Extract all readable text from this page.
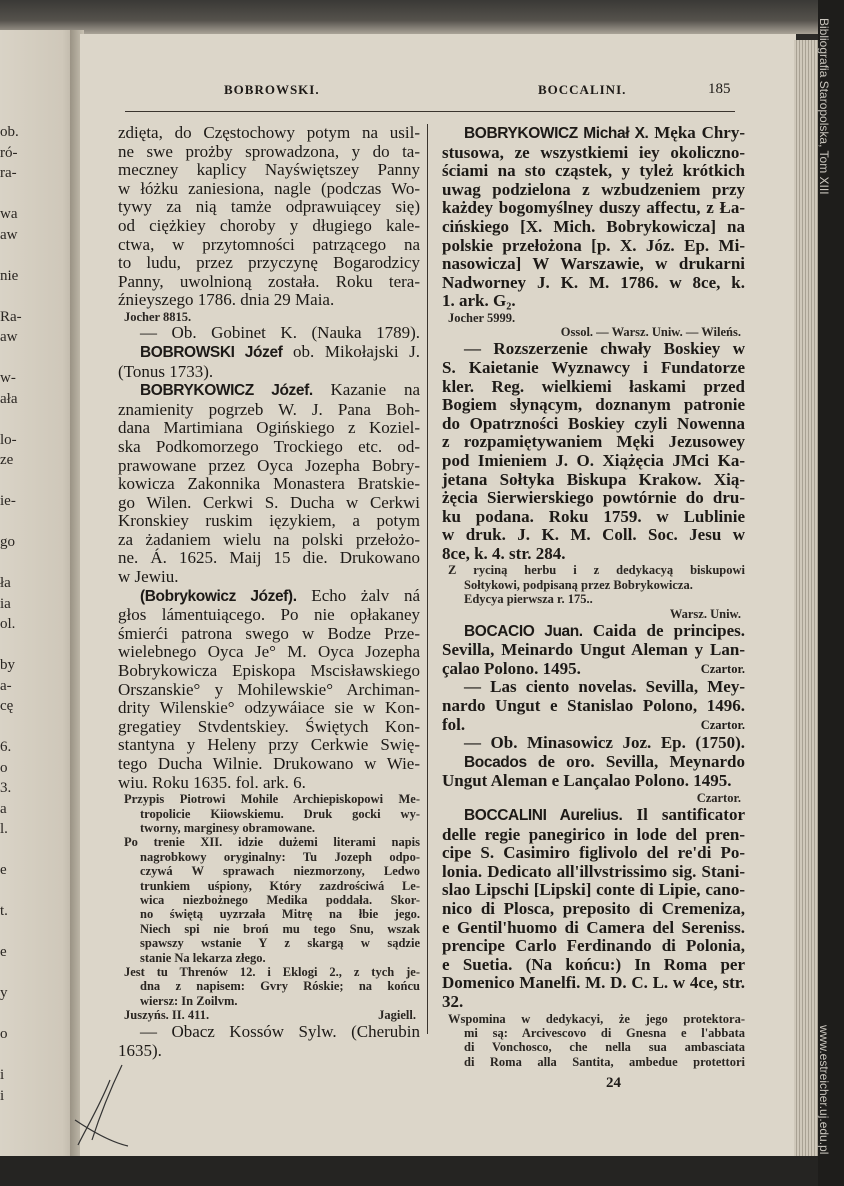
ob.
ró-
ra-
wa
aw
nie
Ra-
aw
w-
ała
lo-
ze
ie-
go
ła
ia
ol.
by
a-
cę
6.
o
3.
a
l.
e
t.
e
y
o
i
i
Bibliografia Staropolska, Tom XIII
www.estreicher.uj.edu.pl
BOBROWSKI.	BOCCALINI.	185
zdięta, do Częstochowy potym na usil-
ne swe prożby sprowadzona, y do ta-
meczney kaplicy Nayświętszey Panny
w łóżku zaniesiona, nagle (podczas Wo-
tywy za nią tamże odprawuiącey się)
od ciężkiey choroby y długiego kale-
ctwa, w przytomności patrzącego na
to ludu, przez przyczynę Bogarodzicy
Panny, uwolnioną została. Roku tera-
źnieyszego 1786. dnia 29 Maia.
Jocher 8815.
— Ob. Gobinet K. (Nauka 1789).
BOBROWSKI Józef ob. Mikołajski J.
(Tonus 1733).
BOBRYKOWICZ Józef. Kazanie na
znamienity pogrzeb W. J. Pana Boh-
dana Martimiana Ogińskiego z Koziel-
ska Podkomorzego Trockiego etc. od-
prawowane przez Oyca Jozepha Bobry-
kowicza Zakonnika Monastera Bratskie-
go Wilen. Cerkwi S. Ducha w Cerkwi
Kronskiey ruskim ięzykiem, a potym
za żadaniem wielu na polski przełożo-
ne. Á. 1625. Maij 15 die. Drukowano
w Jewiu.
(Bobrykowicz Józef). Echo żalv ná
głos lámentuiącego. Po nie opłakaney
śmierći patrona swego w Bodze Prze-
wielebnego Oyca Je° M. Oyca Jozepha
Bobrykowicza Episkopa Mscisławskiego
Orszanskie° y Mohilewskie° Archiman-
drity Wilenskie° odzywáiace sie w Kon-
gregatiey Stvdentskiey. Świętych Kon-
stantyna y Heleny przy Cerkwie Swię-
tego Ducha Wilnie. Drukowano w Wie-
wiu. Roku 1635. fol. ark. 6.
Przypis Piotrowi Mohile Archiepiskopowi Me-
tropolicie Kiiowskiemu. Druk gocki wy-
tworny, marginesy obramowane.
Po trenie XII. idzie dużemi literami napis
nagrobkowy oryginalny: Tu Jozeph odpo-
czywá W sprawach niezmorzony, Ledwo
trunkiem uśpiony, Który zazdrościwá Le-
wica niezbożnego Medika poddała. Skor-
no świętą uyzrzała Mitrę na łbie jego.
Niech spi nie broń mu tego Snu, wszak
spawszy wstanie Y z skargą w sądzie
stanie Na lekarza złego.
Jest tu Threnów 12. i Eklogi 2., z tych je-
dna z napisem: Gvry Róskie; na końcu
wiersz: In Zoilvm.
Juszyńs. II. 411.	Jagiell.
— Obacz Kossów Sylw. (Cherubin
1635).
BOBRYKOWICZ Michał X. Męka Chry-
stusowa, ze wszystkiemi iey okoliczno-
ściami na sto cząstek, y tyleż krótkich
uwag podzielona z wzbudzeniem przy
każdey bogomyślney duszy affectu, z Ła-
cińskiego [X. Mich. Bobrykowicza] na
polskie przełożona [p. X. Józ. Ep. Mi-
nasowicza] W Warszawie, w drukarni
Nadworney J. K. M. 1786. w 8ce, k.
1. ark. G₂.
Jocher 5999.
Ossol. — Warsz. Uniw. — Wileńs.
— Rozszerzenie chwały Boskiey w
S. Kaietanie Wyznawcy i Fundatorze
kler. Reg. wielkiemi łaskami przed
Bogiem słynącym, doznanym patronie
do Opatrzności Boskiey czyli Nowenna
z rozpamiętywaniem Męki Jezusowey
pod Imieniem J. O. Xiążęcia JMci Ka-
jetana Sołtyka Biskupa Krakow. Xią-
żęcia Sierwierskiego powtórnie do dru-
ku podana. Roku 1759. w Lublinie
w druk. J. K. M. Coll. Soc. Jesu w
8ce, k. 4. str. 284.
Z ryciną herbu i z dedykacyą biskupowi
Sołtykowi, podpisaną przez Bobrykowicza.
Edycya pierwsza r. 175..
Warsz. Uniw.
BOCACIO Juan. Caida de principes.
Sevilla, Meinardo Ungut Aleman y Lan-
çalao Polono. 1495.	Czartor.
— Las ciento novelas. Sevilla, Mey-
nardo Ungut e Stanislao Polono, 1496.
fol.	Czartor.
— Ob. Minasowicz Joz. Ep. (1750).
Bocados de oro. Sevilla, Meynardo
Ungut Aleman e Lançalao Polono. 1495.
Czartor.
BOCCALINI Aurelius. Il santificator
delle regie panegirico in lode del pren-
cipe S. Casimiro figlivolo del re'di Po-
lonia. Dedicato all'illvstrissimo sig. Stani-
slao Lipschi [Lipski] conte di Lipie, cano-
nico di Plosca, preposito di Cremeniza,
e Gentil'huomo di Camera del Sereniss.
prencipe Carlo Ferdinando di Polonia,
e Suetia. (Na końcu:) In Roma per
Domenico Manelfi. M. D. C. L. w 4ce, str.
32.
Wspomina w dedykacyi, że jego protektora-
mi są: Arcivescovo di Gnesna e l'abbata
di Vonchosco, che nella sua ambasciata
di Roma alla Santita, ambedue protettori
24
